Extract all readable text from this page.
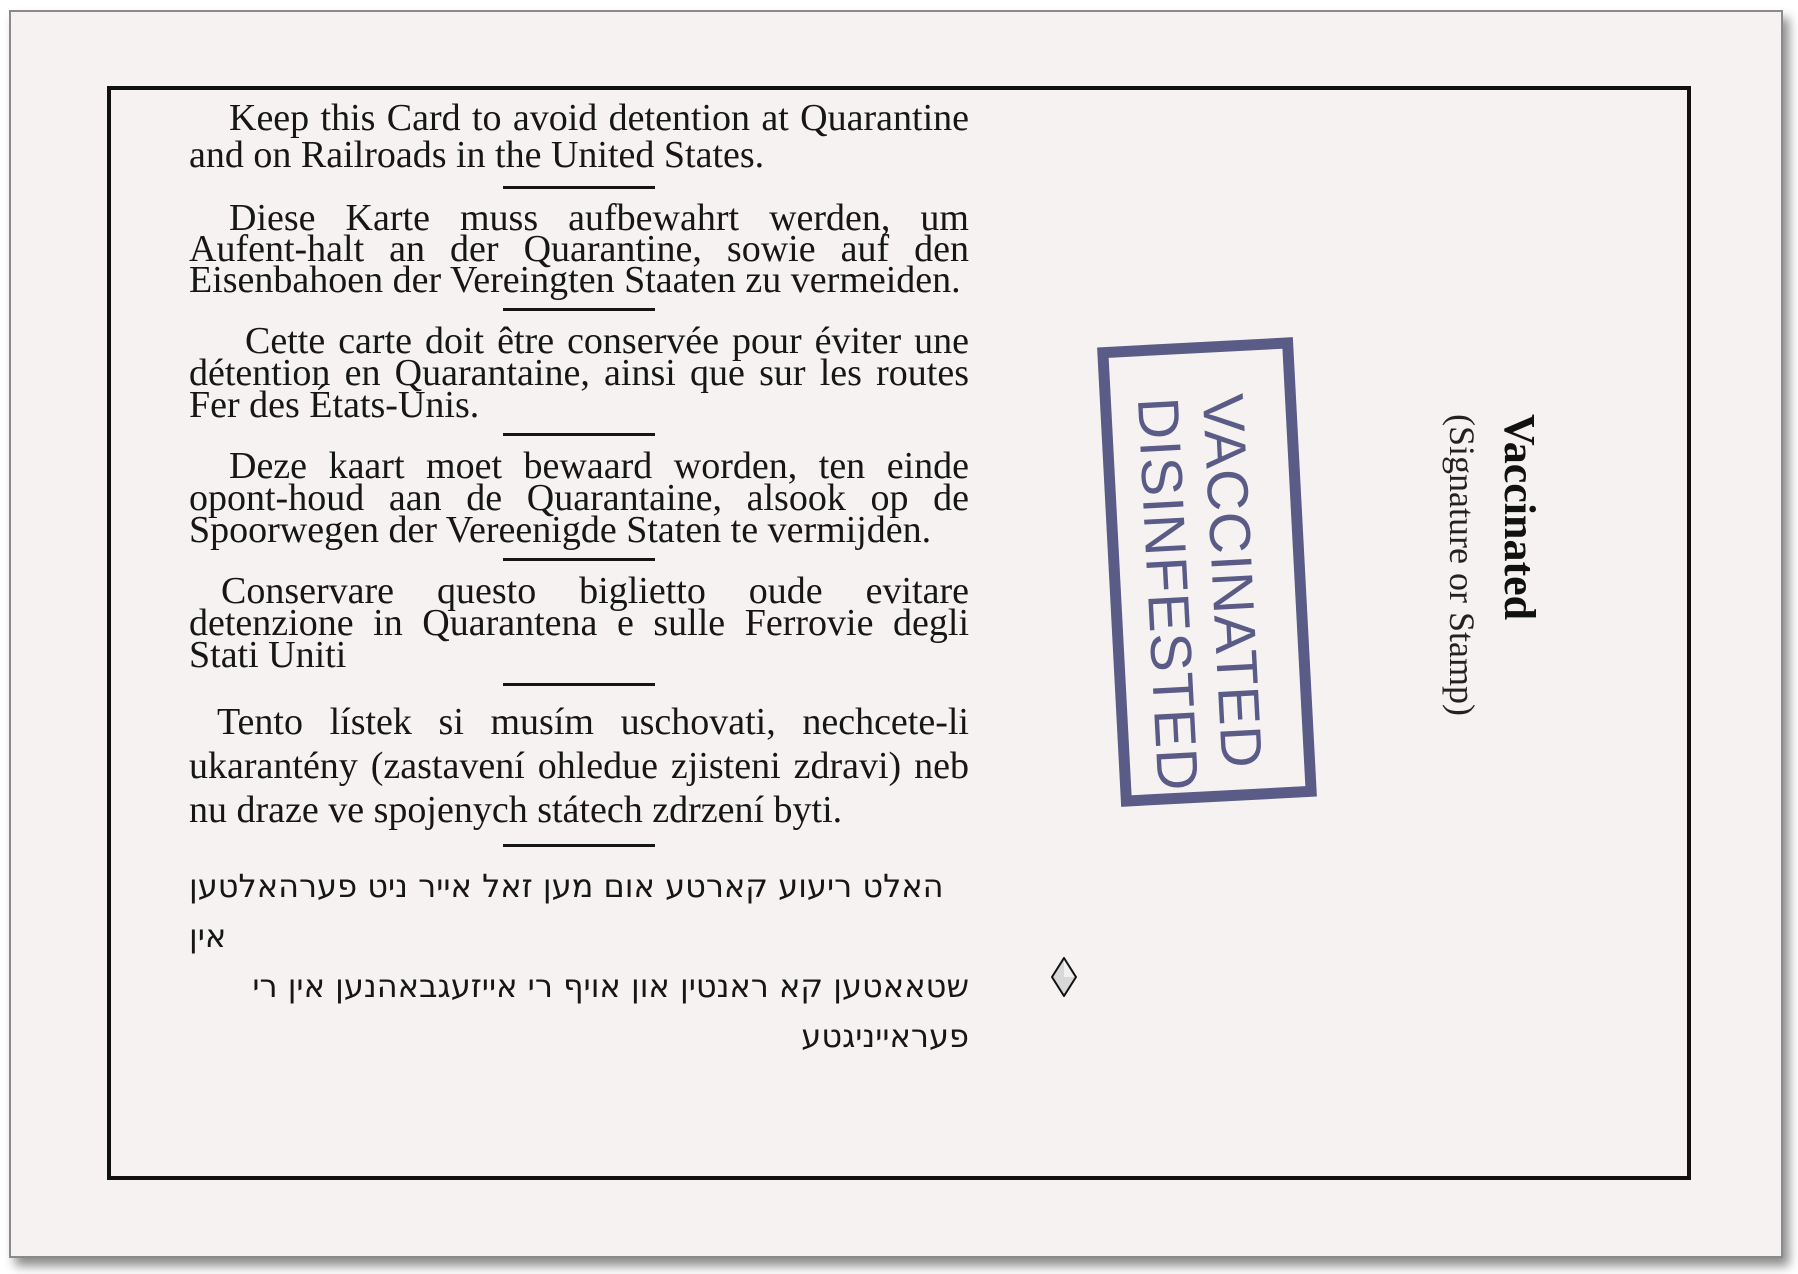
Keep this Card to avoid detention at Quarantine and on Railroads in the United States.

Diese Karte muss aufbewahrt werden, um Aufent-halt an der Quarantine, sowie auf den Eisenbahoen der Vereingten Staaten zu vermeiden.

Cette carte doit être conservée pour éviter une détention en Quarantaine, ainsi que sur les routes Fer des États-Unis.

Deze kaart moet bewaard worden, ten einde opont-houd aan de Quarantaine, alsook op de Spoorwegen der Vereenigde Staten te vermijden.

Conservare questo biglietto oude evitare detenzione in Quarantena e sulle Ferrovie degli Stati Uniti

Tento lístek si musím uschovati, nechcete-li ukarantény (zastavení ohledue zjisteni zdravi) neb nu draze ve spojenych státech zdrzení byti.

האלט ריעוע קארטע אום מען זאל אייר ניט פערהאלטען אין

שטאאטען קא ראנטין און אויף רי אייזעגבאהנען אין רי פעראייניגטע

VACCINATED
DISINFESTED	Vaccinated
(Signature or Stamp)
